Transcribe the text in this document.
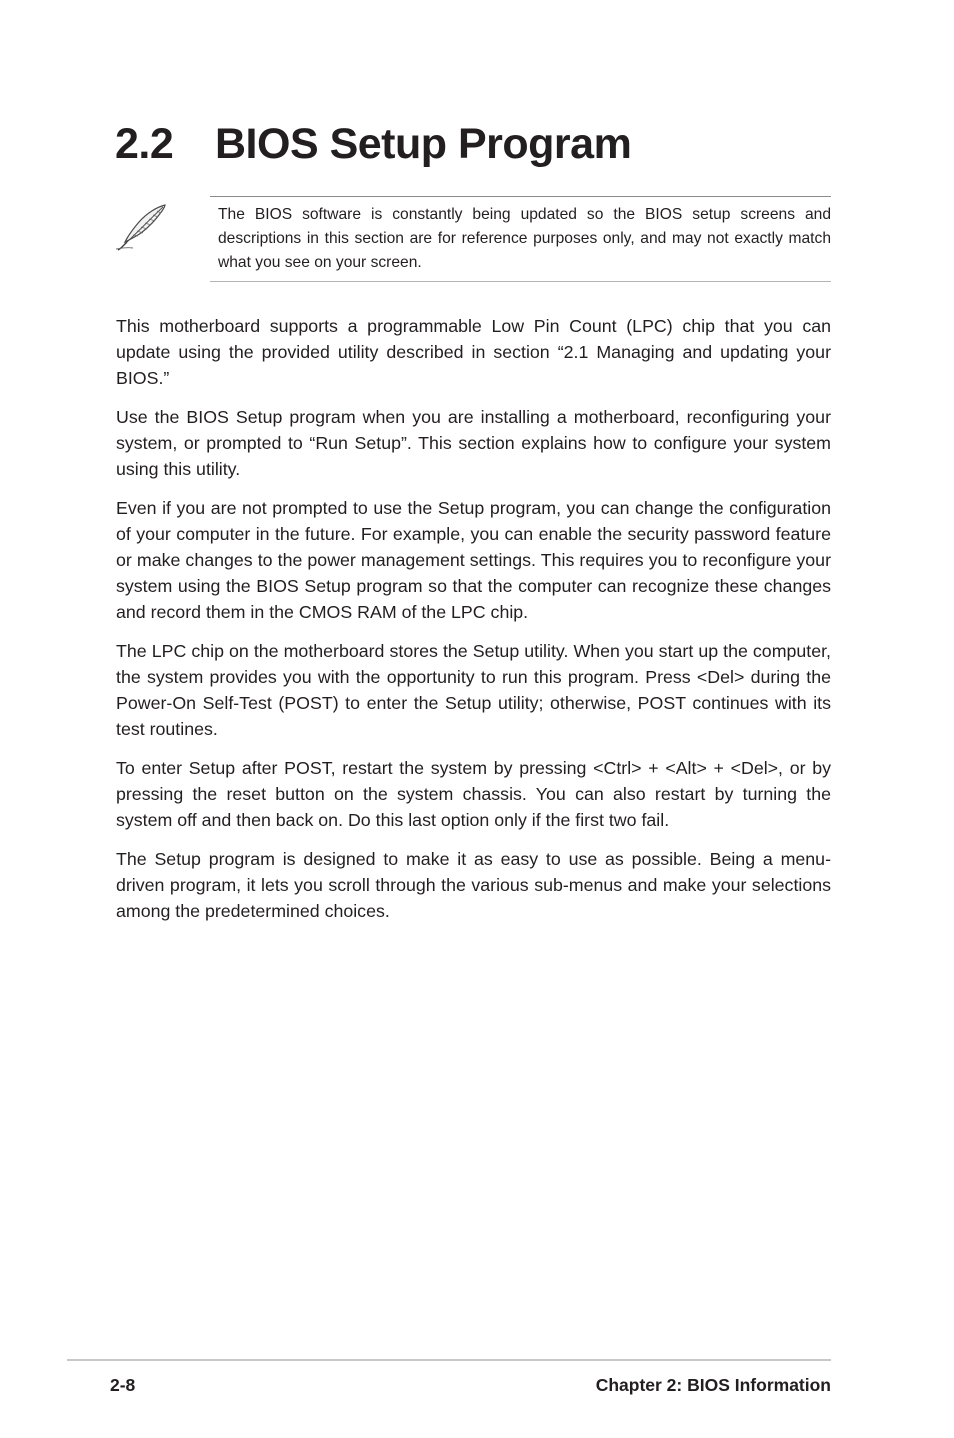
2.2 BIOS Setup Program

The BIOS software is constantly being updated so the BIOS setup screens and descriptions in this section are for reference purposes only, and may not exactly match what you see on your screen.

This motherboard supports a programmable Low Pin Count (LPC) chip that you can update using the provided utility described in section “2.1 Managing and updating your BIOS.”

Use the BIOS Setup program when you are installing a motherboard, reconfiguring your system, or prompted to “Run Setup”. This section explains how to configure your system using this utility.

Even if you are not prompted to use the Setup program, you can change the configuration of your computer in the future. For example, you can enable the security password feature or make changes to the power management settings. This requires you to reconfigure your system using the BIOS Setup program so that the computer can recognize these changes and record them in the CMOS RAM of the LPC chip.

The LPC chip on the motherboard stores the Setup utility. When you start up the computer, the system provides you with the opportunity to run this program. Press <Del> during the Power-On Self-Test (POST) to enter the Setup utility; otherwise, POST continues with its test routines.

To enter Setup after POST, restart the system by pressing <Ctrl> + <Alt> + <Del>, or by pressing the reset button on the system chassis. You can also restart by turning the system off and then back on. Do this last option only if the first two fail.

The Setup program is designed to make it as easy to use as possible. Being a menu-driven program, it lets you scroll through the various sub-menus and make your selections among the predetermined choices.

2-8	Chapter 2: BIOS Information
